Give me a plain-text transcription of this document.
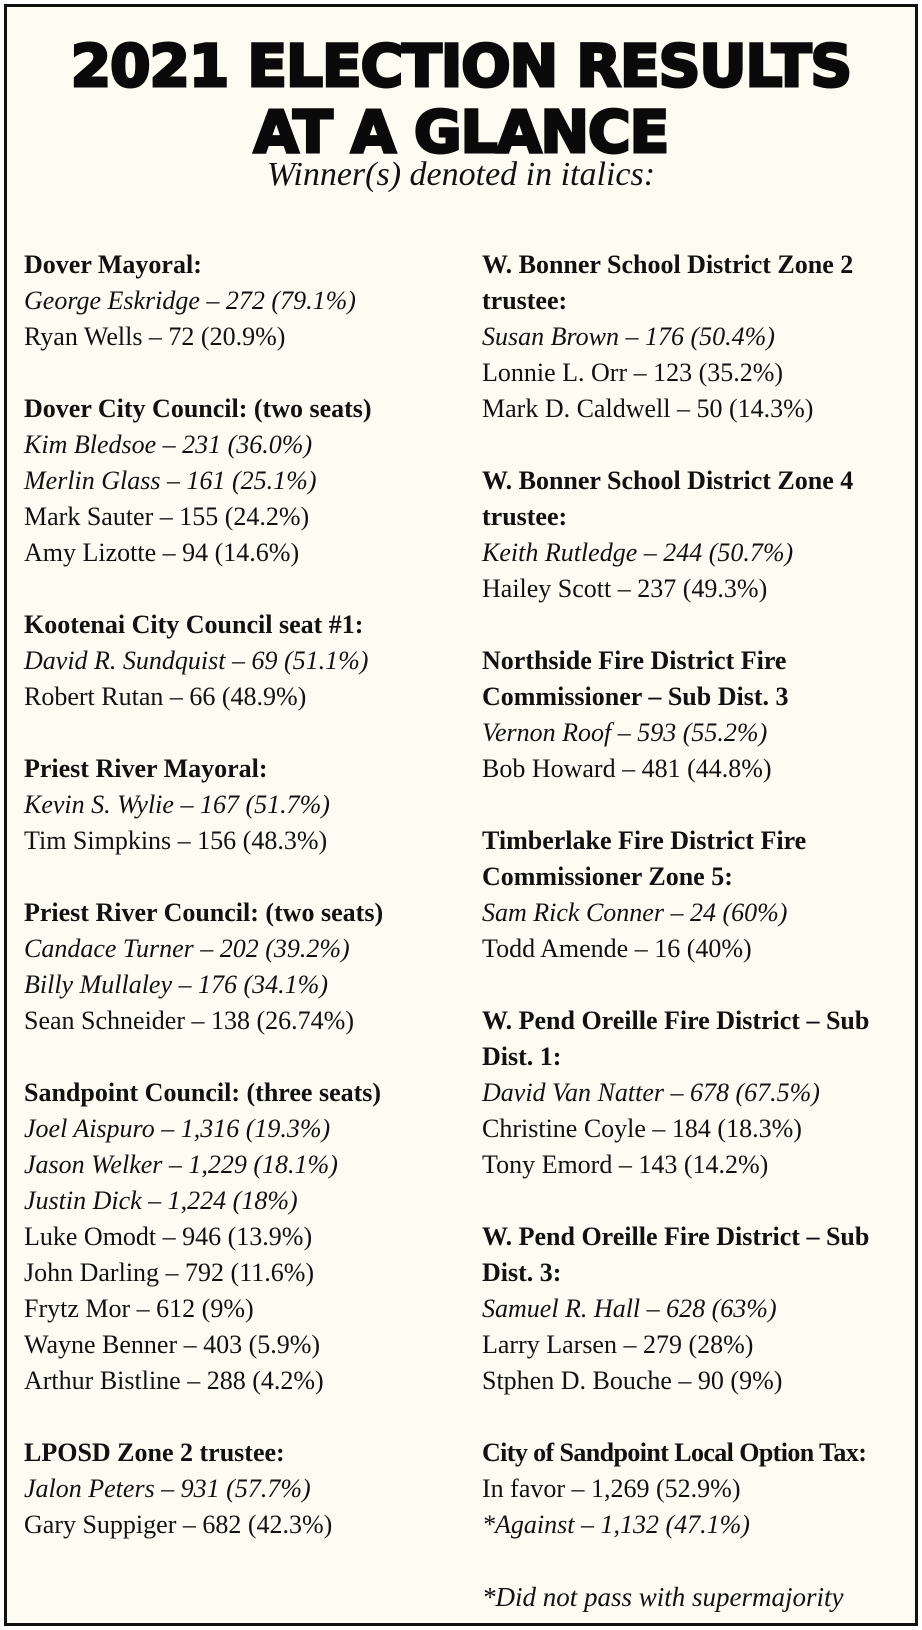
2021 ELECTION RESULTS
AT A GLANCE
Winner(s) denoted in italics:
Dover Mayoral:
George Eskridge – 272 (79.1%)
Ryan Wells – 72 (20.9%)
Dover City Council: (two seats)
Kim Bledsoe – 231 (36.0%)
Merlin Glass – 161 (25.1%)
Mark Sauter – 155 (24.2%)
Amy Lizotte – 94 (14.6%)
Kootenai City Council seat #1:
David R. Sundquist – 69 (51.1%)
Robert Rutan – 66 (48.9%)
Priest River Mayoral:
Kevin S. Wylie – 167 (51.7%)
Tim Simpkins – 156 (48.3%)
Priest River Council: (two seats)
Candace Turner – 202 (39.2%)
Billy Mullaley – 176 (34.1%)
Sean Schneider – 138 (26.74%)
Sandpoint Council: (three seats)
Joel Aispuro – 1,316 (19.3%)
Jason Welker – 1,229 (18.1%)
Justin Dick – 1,224 (18%)
Luke Omodt – 946 (13.9%)
John Darling – 792 (11.6%)
Frytz Mor – 612 (9%)
Wayne Benner – 403 (5.9%)
Arthur Bistline – 288 (4.2%)
LPOSD Zone 2 trustee:
Jalon Peters – 931 (57.7%)
Gary Suppiger – 682 (42.3%)
W. Bonner School District Zone 2 trustee:
Susan Brown – 176 (50.4%)
Lonnie L. Orr – 123 (35.2%)
Mark D. Caldwell – 50 (14.3%)
W. Bonner School District Zone 4 trustee:
Keith Rutledge – 244 (50.7%)
Hailey Scott – 237 (49.3%)
Northside Fire District Fire Commissioner – Sub Dist. 3
Vernon Roof – 593 (55.2%)
Bob Howard – 481 (44.8%)
Timberlake Fire District Fire Commissioner Zone 5:
Sam Rick Conner – 24 (60%)
Todd Amende – 16 (40%)
W. Pend Oreille Fire District – Sub Dist. 1:
David Van Natter – 678 (67.5%)
Christine Coyle – 184 (18.3%)
Tony Emord – 143 (14.2%)
W. Pend Oreille Fire District – Sub Dist. 3:
Samuel R. Hall – 628 (63%)
Larry Larsen – 279 (28%)
Stphen D. Bouche – 90 (9%)
City of Sandpoint Local Option Tax:
In favor – 1,269 (52.9%)
*Against – 1,132 (47.1%)
*Did not pass with supermajority
